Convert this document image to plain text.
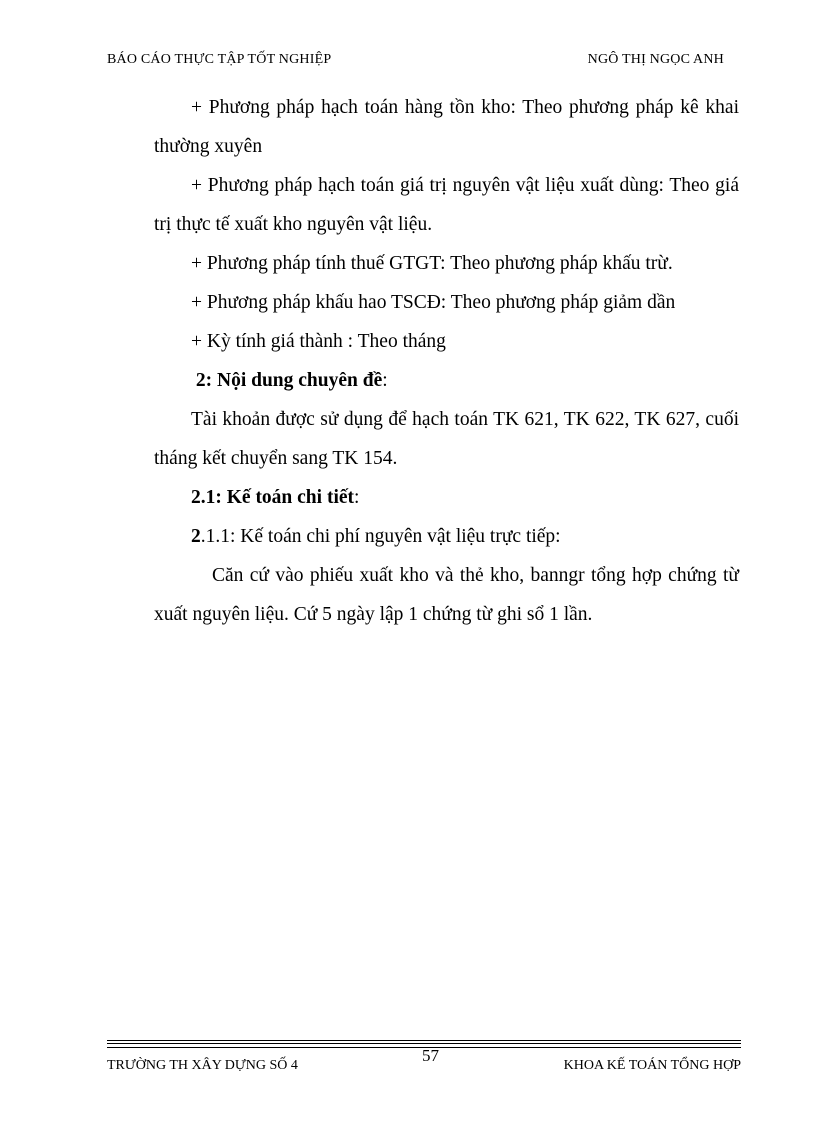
BÁO CÁO THỰC TẬP TỐT NGHIỆP	NGÔ THỊ NGỌC ANH

+ Phương pháp hạch toán hàng tồn kho: Theo phương pháp kê khai thường xuyên

+ Phương pháp hạch toán giá trị nguyên vật liệu xuất dùng: Theo giá trị thực tế xuất kho nguyên vật liệu.

+ Phương pháp tính thuế GTGT: Theo phương pháp khấu trừ.

+ Phương pháp khấu hao TSCĐ: Theo phương pháp giảm dần

+ Kỳ tính giá thành : Theo tháng

2: Nội dung chuyên đề:

Tài khoản được sử dụng để hạch toán TK 621, TK 622, TK 627, cuối tháng kết chuyển sang TK 154.

2.1: Kế toán chi tiết:

2.1.1: Kế toán chi phí nguyên vật liệu trực tiếp:

Căn cứ vào phiếu xuất kho và thẻ kho, banngr tổng hợp chứng từ xuất nguyên liệu. Cứ 5 ngày lập 1 chứng từ ghi sổ 1 lần.

TRƯỜNG TH XÂY DỰNG SỐ 4
57
KHOA KẾ TOÁN TỔNG HỢP
